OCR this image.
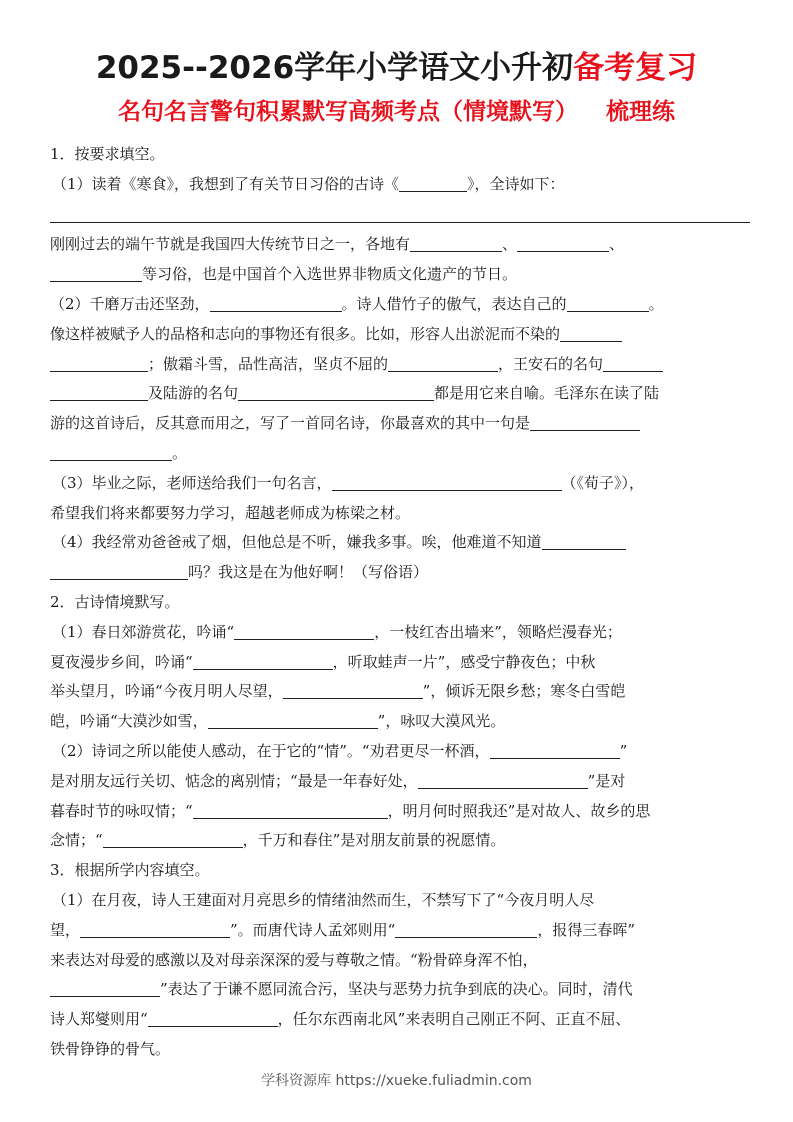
2025--2026学年小学语文小升初备考复习
名句名言警句积累默写高频考点（情境默写） 梳理练
1．按要求填空。
（1）读着《寒食》，我想到了有关节日习俗的古诗《	》，全诗如下：
刚刚过去的端午节就是我国四大传统节日之一，各地有	、	、
等习俗，也是中国首个入选世界非物质文化遗产的节日。
（2）千磨万击还坚劲，	。诗人借竹子的傲气，表达自己的	。
像这样被赋予人的品格和志向的事物还有很多。比如，形容人出淤泥而不染的
；傲霜斗雪，品性高洁，坚贞不屈的	，王安石的名句
及陆游的名句	都是用它来自喻。毛泽东在读了陆
游的这首诗后，反其意而用之，写了一首同名诗，你最喜欢的其中一句是
。
（3）毕业之际，老师送给我们一句名言，	（《荀子》），
希望我们将来都要努力学习，超越老师成为栋梁之材。
（4）我经常劝爸爸戒了烟，但他总是不听，嫌我多事。唉，他难道不知道
吗？我这是在为他好啊！（写俗语）
2．古诗情境默写。
（1）春日郊游赏花，吟诵“	，一枝红杏出墙来”，领略烂漫春光；
夏夜漫步乡间，吟诵“	，听取蛙声一片”，感受宁静夜色；中秋
举头望月，吟诵“今夜月明人尽望，	”，倾诉无限乡愁；寒冬白雪皑
皑，吟诵“大漠沙如雪，	”，咏叹大漠风光。
（2）诗词之所以能使人感动，在于它的“情”。“劝君更尽一杯酒，	”
是对朋友远行关切、惦念的离别情；“最是一年春好处，	”是对
暮春时节的咏叹情；“	，明月何时照我还”是对故人、故乡的思
念情；“	，千万和春住”是对朋友前景的祝愿情。
3．根据所学内容填空。
（1）在月夜，诗人王建面对月亮思乡的情绪油然而生，不禁写下了“今夜月明人尽
望，	”。而唐代诗人孟郊则用“	，报得三春晖”
来表达对母爱的感激以及对母亲深深的爱与尊敬之情。“粉骨碎身浑不怕，
”表达了于谦不愿同流合污，坚决与恶势力抗争到底的决心。同时，清代
诗人郑燮则用“	，任尔东西南北风”来表明自己刚正不阿、正直不屈、
铁骨铮铮的骨气。
学科资源库 https://xueke.fuliadmin.com
